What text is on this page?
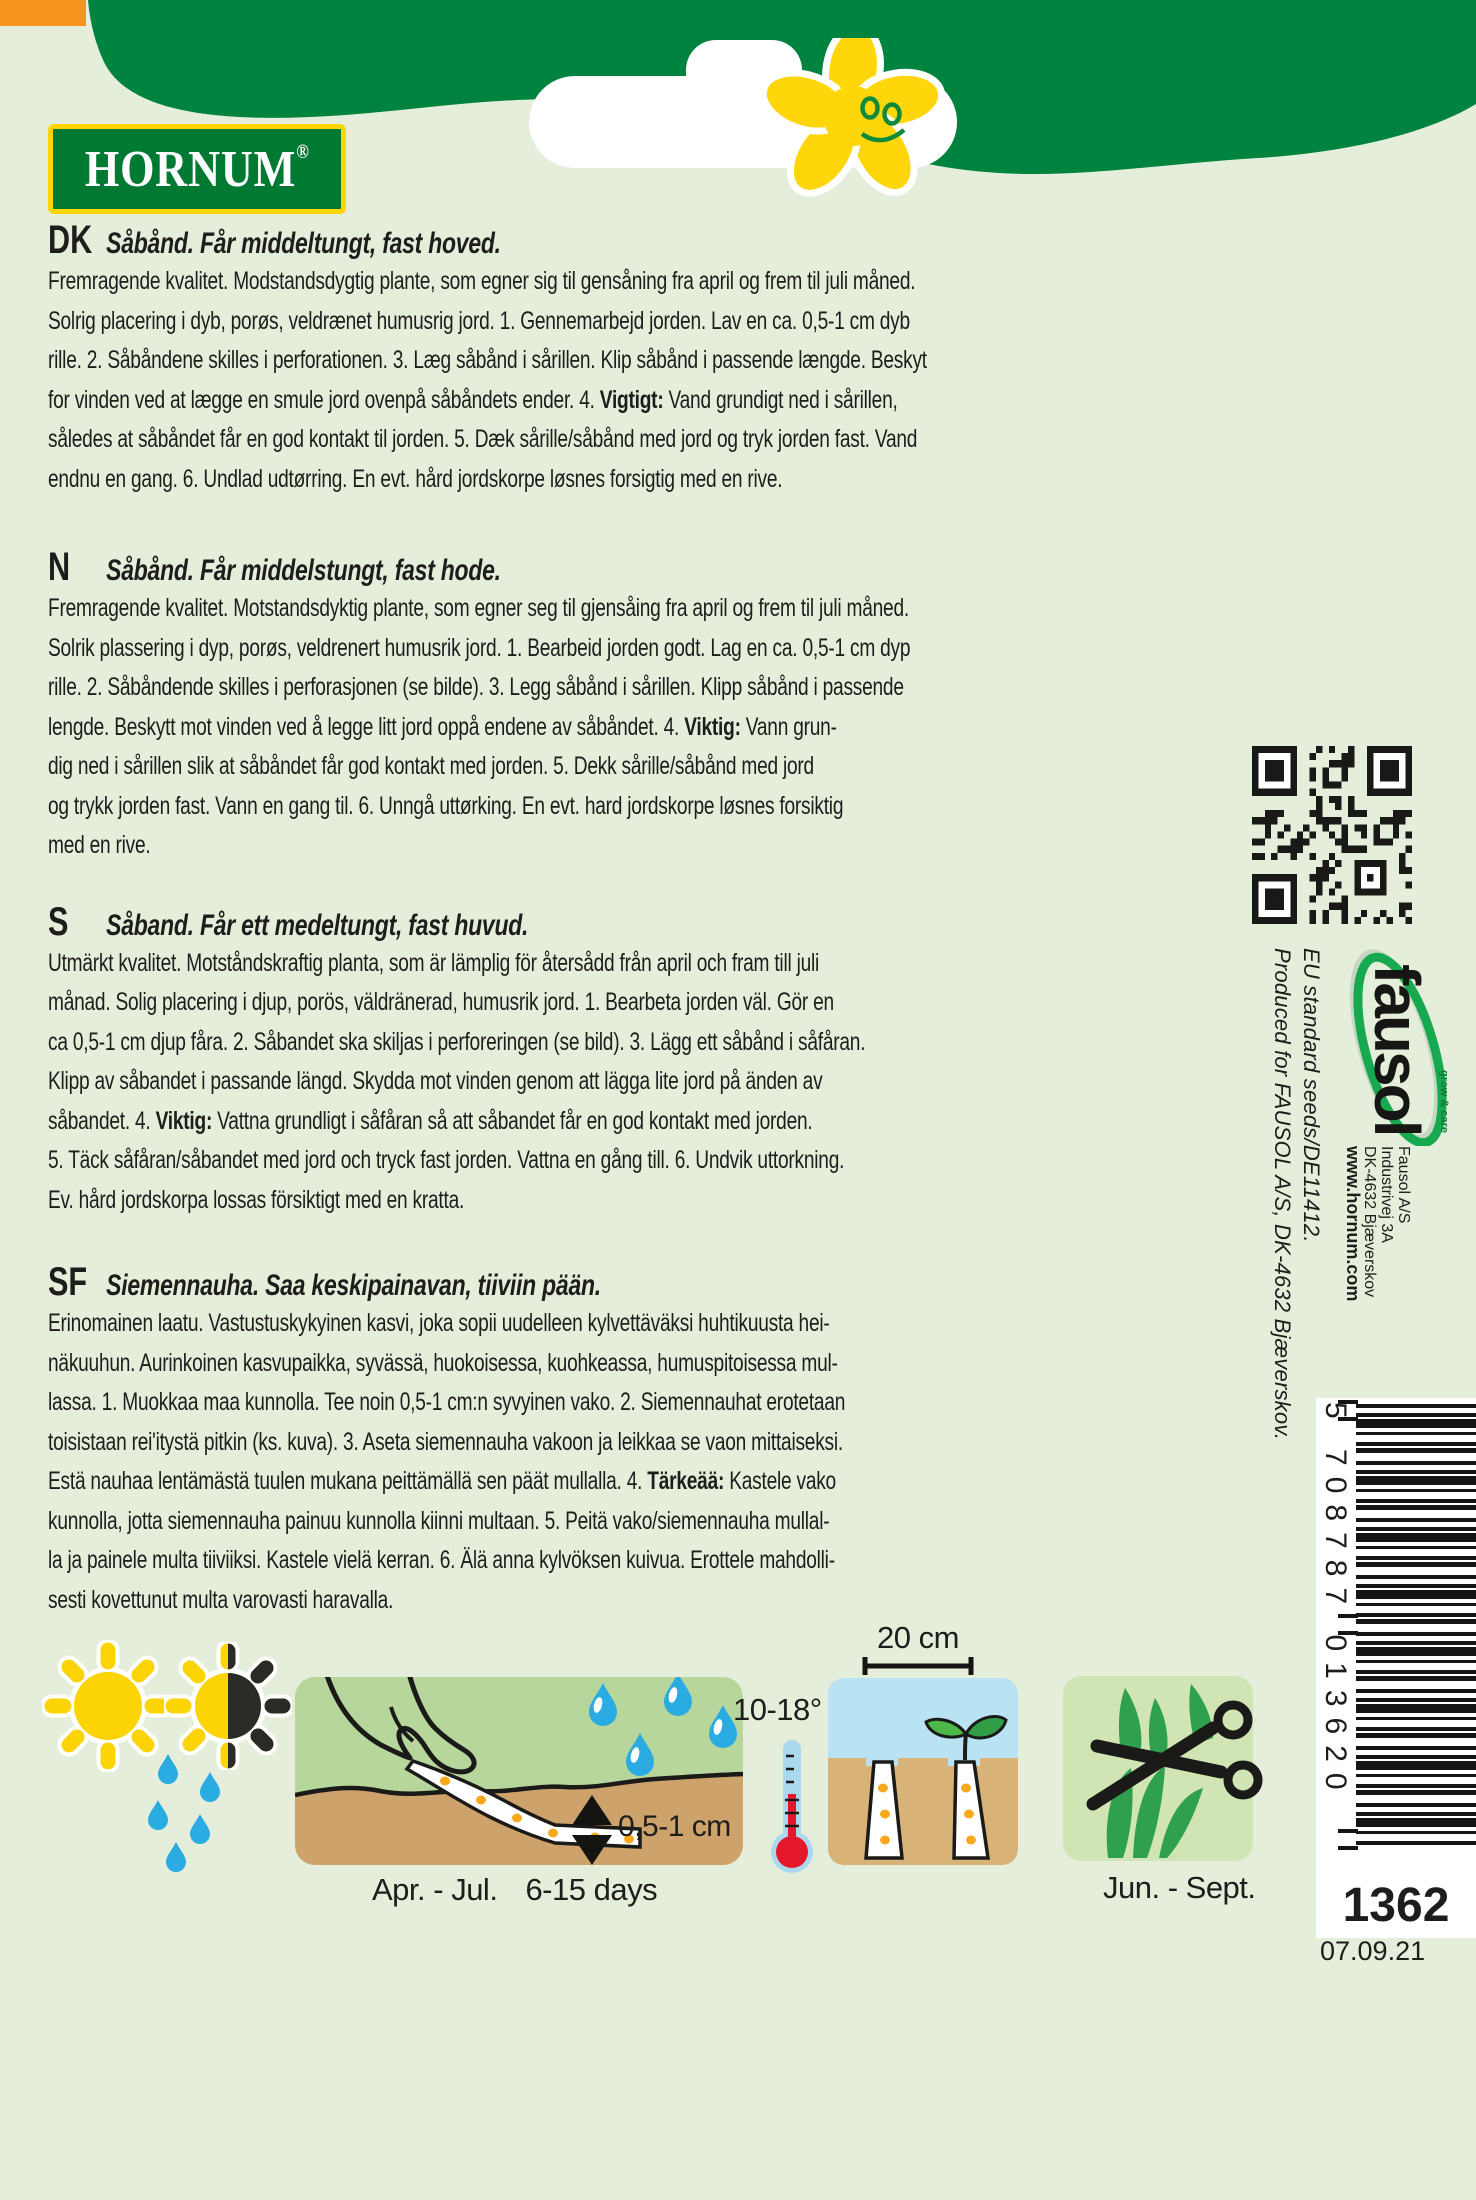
HORNUM®
DK Såbånd. Får middeltungt, fast hoved.
Fremragende kvalitet. Modstandsdygtig plante, som egner sig til gensåning fra april og frem til juli måned.
Solrig placering i dyb, porøs, veldrænet humusrig jord. 1. Gennemarbejd jorden. Lav en ca. 0,5-1 cm dyb
rille. 2. Såbåndene skilles i perforationen. 3. Læg såbånd i sårillen. Klip såbånd i passende længde. Beskyt
for vinden ved at lægge en smule jord ovenpå såbåndets ender. 4. Vigtigt: Vand grundigt ned i sårillen,
således at såbåndet får en god kontakt til jorden. 5. Dæk sårille/såbånd med jord og tryk jorden fast. Vand
endnu en gang. 6. Undlad udtørring. En evt. hård jordskorpe løsnes forsigtig med en rive.
N	Såbånd. Får middelstungt, fast hode.
Fremragende kvalitet. Motstandsdyktig plante, som egner seg til gjensåing fra april og frem til juli måned.
Solrik plassering i dyp, porøs, veldrenert humusrik jord. 1. Bearbeid jorden godt. Lag en ca. 0,5-1 cm dyp
rille. 2. Såbåndende skilles i perforasjonen (se bilde). 3. Legg såbånd i sårillen. Klipp såbånd i passende
lengde. Beskytt mot vinden ved å legge litt jord oppå endene av såbåndet. 4. Viktig: Vann grun-
dig ned i sårillen slik at såbåndet får god kontakt med jorden. 5. Dekk sårille/såbånd med jord
og trykk jorden fast. Vann en gang til. 6. Unngå uttørking. En evt. hard jordskorpe løsnes forsiktig
med en rive.
S	Såband. Får ett medeltungt, fast huvud.
Utmärkt kvalitet. Motståndskraftig planta, som är lämplig för återsådd från april och fram till juli
månad. Solig placering i djup, porös, väldränerad, humusrik jord. 1. Bearbeta jorden väl. Gör en
ca 0,5-1 cm djup fåra. 2. Såbandet ska skiljas i perforeringen (se bild). 3. Lägg ett såbånd i såfåran.
Klipp av såbandet i passande längd. Skydda mot vinden genom att lägga lite jord på änden av
såbandet. 4. Viktig: Vattna grundligt i såfåran så att såbandet får en god kontakt med jorden.
5. Täck såfåran/såbandet med jord och tryck fast jorden. Vattna en gång till. 6. Undvik uttorkning.
Ev. hård jordskorpa lossas försiktigt med en kratta.
SF Siemennauha. Saa keskipainavan, tiiviin pään.
Erinomainen laatu. Vastustuskykyinen kasvi, joka sopii uudelleen kylvettäväksi huhtikuusta hei-
näkuuhun. Aurinkoinen kasvupaikka, syvässä, huokoisessa, kuohkeassa, humuspitoisessa mul-
lassa. 1. Muokkaa maa kunnolla. Tee noin 0,5-1 cm:n syvyinen vako. 2. Siemennauhat erotetaan
toisistaan rei'itystä pitkin (ks. kuva). 3. Aseta siemennauha vakoon ja leikkaa se vaon mittaiseksi.
Estä nauhaa lentämästä tuulen mukana peittämällä sen päät mullalla. 4. Tärkeää: Kastele vako
kunnolla, jotta siemennauha painuu kunnolla kiinni multaan. 5. Peitä vako/siemennauha mullal-
la ja painele multa tiiviiksi. Kastele vielä kerran. 6. Älä anna kylvöksen kuivua. Erottele mahdolli-
sesti kovettunut multa varovasti haravalla.
EU standard seeds/DE11412.
Produced for FAUSOL A/S, DK-4632 Bjæverskov.	fausol grow & care
Fausol A/S
Industrivej 3A
DK-4632 Bjæverskov
www.hornum.com
0,5-1 cm
Apr. - Jul. 6-15 days
10-18°
20 cm
Jun. - Sept.
5 708787 013620
1362
07.09.21
